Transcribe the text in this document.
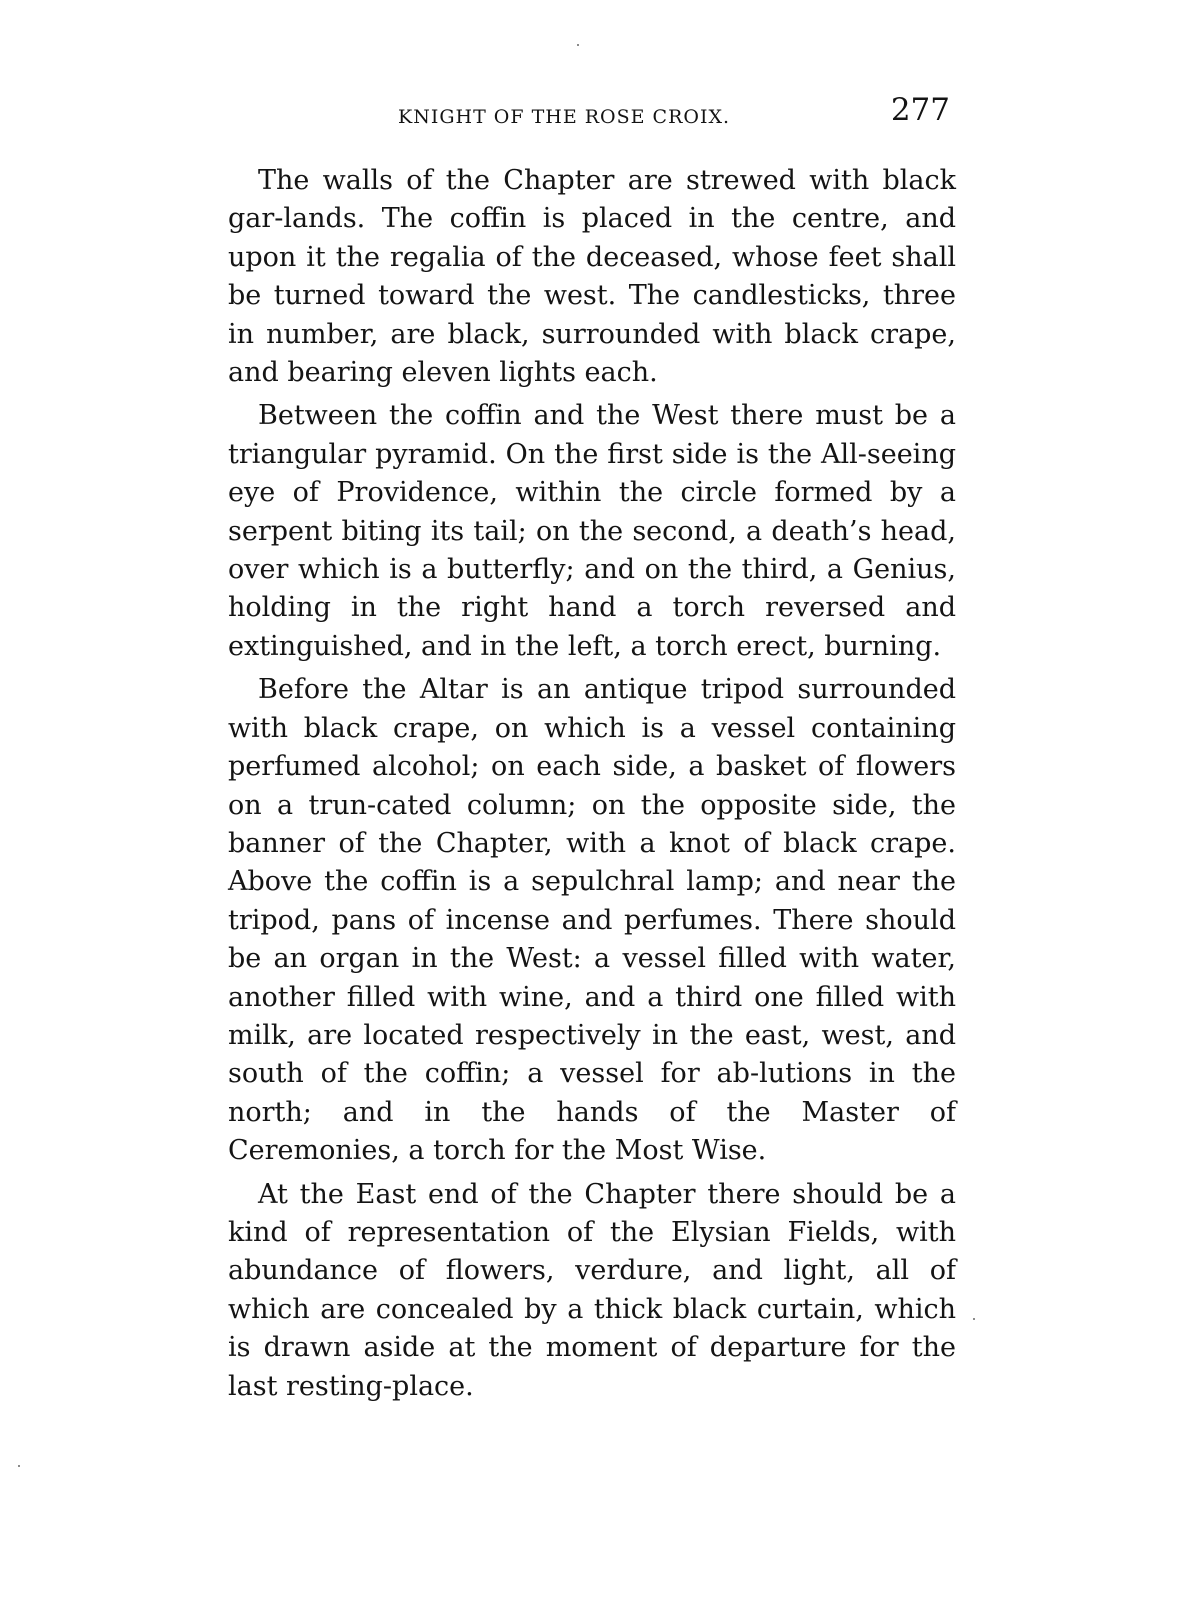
KNIGHT OF THE ROSE CROIX.	277

The walls of the Chapter are strewed with black gar-lands. The coffin is placed in the centre, and upon it the regalia of the deceased, whose feet shall be turned toward the west. The candlesticks, three in number, are black, surrounded with black crape, and bearing eleven lights each.

Between the coffin and the West there must be a triangular pyramid. On the first side is the All-seeing eye of Providence, within the circle formed by a serpent biting its tail; on the second, a death’s head, over which is a butterfly; and on the third, a Genius, holding in the right hand a torch reversed and extinguished, and in the left, a torch erect, burning.

Before the Altar is an antique tripod surrounded with black crape, on which is a vessel containing perfumed alcohol; on each side, a basket of flowers on a trun-cated column; on the opposite side, the banner of the Chapter, with a knot of black crape. Above the coffin is a sepulchral lamp; and near the tripod, pans of incense and perfumes. There should be an organ in the West: a vessel filled with water, another filled with wine, and a third one filled with milk, are located respectively in the east, west, and south of the coffin; a vessel for ab-lutions in the north; and in the hands of the Master of Ceremonies, a torch for the Most Wise.

At the East end of the Chapter there should be a kind of representation of the Elysian Fields, with abundance of flowers, verdure, and light, all of which are concealed by a thick black curtain, which is drawn aside at the moment of departure for the last resting-place.
